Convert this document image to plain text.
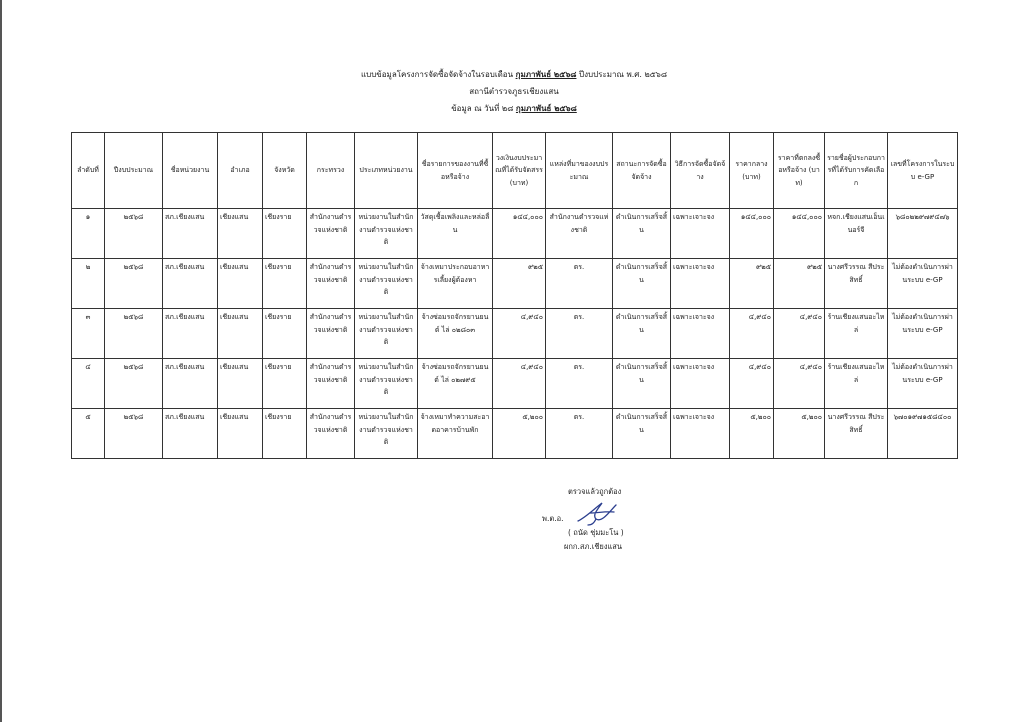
แบบข้อมูลโครงการจัดซื้อจัดจ้างในรอบเดือน กุมภาพันธ์ ๒๕๖๘ ปีงบประมาณ พ.ศ. ๒๕๖๘
สถานีตำรวจภูธรเชียงแสน
ข้อมูล ณ วันที่ ๒๘ กุมภาพันธ์ ๒๕๖๘
ลำดับที่	ปีงบประมาณ	ชื่อหน่วยงาน	อำเภอ	จังหวัด	กระทรวง	ประเภทหน่วยงาน	ชื่อรายการของงานที่ซื้อหรือจ้าง	วงเงินงบประมาณที่ได้รับจัดสรร (บาท)	แหล่งที่มาของงบประมาณ	สถานะการจัดซื้อจัดจ้าง	วิธีการจัดซื้อจัดจ้าง	ราคากลาง (บาท)	ราคาที่ตกลงซื้อหรือจ้าง (บาท)	รายชื่อผู้ประกอบการที่ได้รับการคัดเลือก	เลขที่โครงการในระบบ e-GP
๑	๒๕๖๘	สภ.เชียงแสน	เชียงแสน	เชียงราย	สำนักงานตำรวจแห่งชาติ	หน่วยงานในสำนักงานตำรวจแห่งชาติ	วัสดุเชื้อเพลิงและหล่อลื่น	๑๔๔,๐๐๐	สำนักงานตำรวจแห่งชาติ	ดำเนินการเสร็จสิ้น	เฉพาะเจาะจง	๑๔๔,๐๐๐	๑๔๔,๐๐๐	หจก.เชียงแสนเอ็นเนอร์จี	๖๘๐๒๒๙๗๙๔๗๖
๒	๒๕๖๘	สภ.เชียงแสน	เชียงแสน	เชียงราย	สำนักงานตำรวจแห่งชาติ	หน่วยงานในสำนักงานตำรวจแห่งชาติ	จ้างเหมาประกอบอาหารเลี้ยงผู้ต้องหา	๙๒๕	ตร.	ดำเนินการเสร็จสิ้น	เฉพาะเจาะจง	๙๒๕	๙๒๕	นางศรีวรรณ สีประสิทธิ์	ไม่ต้องดำเนินการผ่านระบบ e-GP
๓	๒๕๖๘	สภ.เชียงแสน	เชียงแสน	เชียงราย	สำนักงานตำรวจแห่งชาติ	หน่วยงานในสำนักงานตำรวจแห่งชาติ	จ้างซ่อมรถจักรยานยนต์ ไล่ ๐๒๘๐๓	๔,๙๔๐	ตร.	ดำเนินการเสร็จสิ้น	เฉพาะเจาะจง	๔,๙๔๐	๔,๙๔๐	ร้านเชียงแสนอะไหล่	ไม่ต้องดำเนินการผ่านระบบ e-GP
๔	๒๕๖๘	สภ.เชียงแสน	เชียงแสน	เชียงราย	สำนักงานตำรวจแห่งชาติ	หน่วยงานในสำนักงานตำรวจแห่งชาติ	จ้างซ่อมรถจักรยานยนต์ ไล่ ๐๒๗๙๕	๔,๙๔๐	ตร.	ดำเนินการเสร็จสิ้น	เฉพาะเจาะจง	๔,๙๔๐	๔,๙๔๐	ร้านเชียงแสนอะไหล่	ไม่ต้องดำเนินการผ่านระบบ e-GP
๕	๒๕๖๘	สภ.เชียงแสน	เชียงแสน	เชียงราย	สำนักงานตำรวจแห่งชาติ	หน่วยงานในสำนักงานตำรวจแห่งชาติ	จ้างเหมาทำความสะอาดอาคารบ้านพัก	๕,๒๐๐	ตร.	ดำเนินการเสร็จสิ้น	เฉพาะเจาะจง	๕,๒๐๐	๕,๒๐๐	นางศรีวรรณ สีประสิทธิ์	๖๗๐๑๙๗๑๕๘๔๐๐
ตรวจแล้วถูกต้อง
พ.ต.อ.
( ถนัด ชุ่มมะโน )
ผกก.สภ.เชียงแสน
